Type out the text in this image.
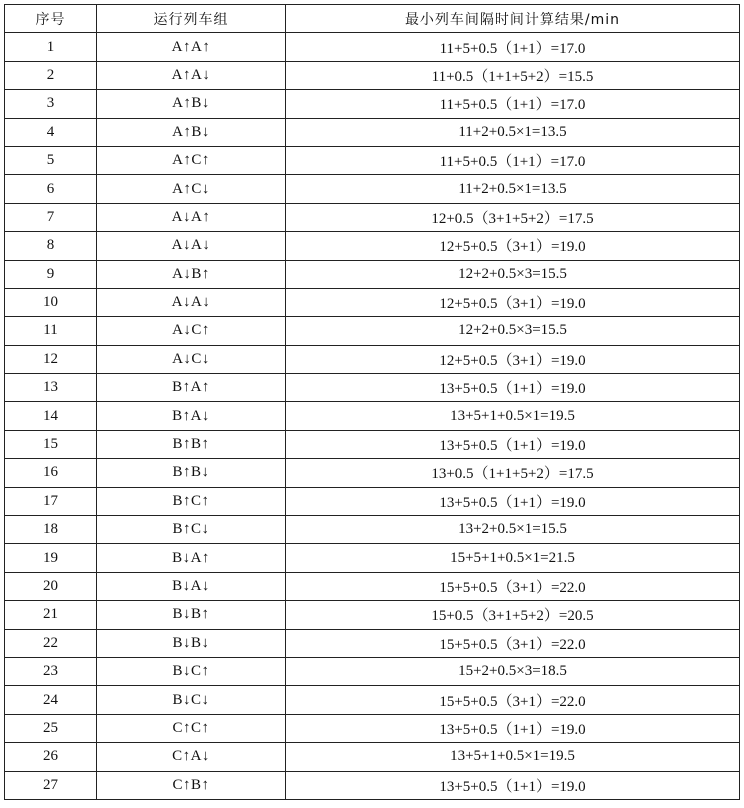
序号	运行列车组	最小列车间隔时间计算结果/min
1	A↑A↑	11+5+0.5（1+1）=17.0
2	A↑A↓	11+0.5（1+1+5+2）=15.5
3	A↑B↓	11+5+0.5（1+1）=17.0
4	A↑B↓	11+2+0.5×1=13.5
5	A↑C↑	11+5+0.5（1+1）=17.0
6	A↑C↓	11+2+0.5×1=13.5
7	A↓A↑	12+0.5（3+1+5+2）=17.5
8	A↓A↓	12+5+0.5（3+1）=19.0
9	A↓B↑	12+2+0.5×3=15.5
10	A↓A↓	12+5+0.5（3+1）=19.0
11	A↓C↑	12+2+0.5×3=15.5
12	A↓C↓	12+5+0.5（3+1）=19.0
13	B↑A↑	13+5+0.5（1+1）=19.0
14	B↑A↓	13+5+1+0.5×1=19.5
15	B↑B↑	13+5+0.5（1+1）=19.0
16	B↑B↓	13+0.5（1+1+5+2）=17.5
17	B↑C↑	13+5+0.5（1+1）=19.0
18	B↑C↓	13+2+0.5×1=15.5
19	B↓A↑	15+5+1+0.5×1=21.5
20	B↓A↓	15+5+0.5（3+1）=22.0
21	B↓B↑	15+0.5（3+1+5+2）=20.5
22	B↓B↓	15+5+0.5（3+1）=22.0
23	B↓C↑	15+2+0.5×3=18.5
24	B↓C↓	15+5+0.5（3+1）=22.0
25	C↑C↑	13+5+0.5（1+1）=19.0
26	C↑A↓	13+5+1+0.5×1=19.5
27	C↑B↑	13+5+0.5（1+1）=19.0
